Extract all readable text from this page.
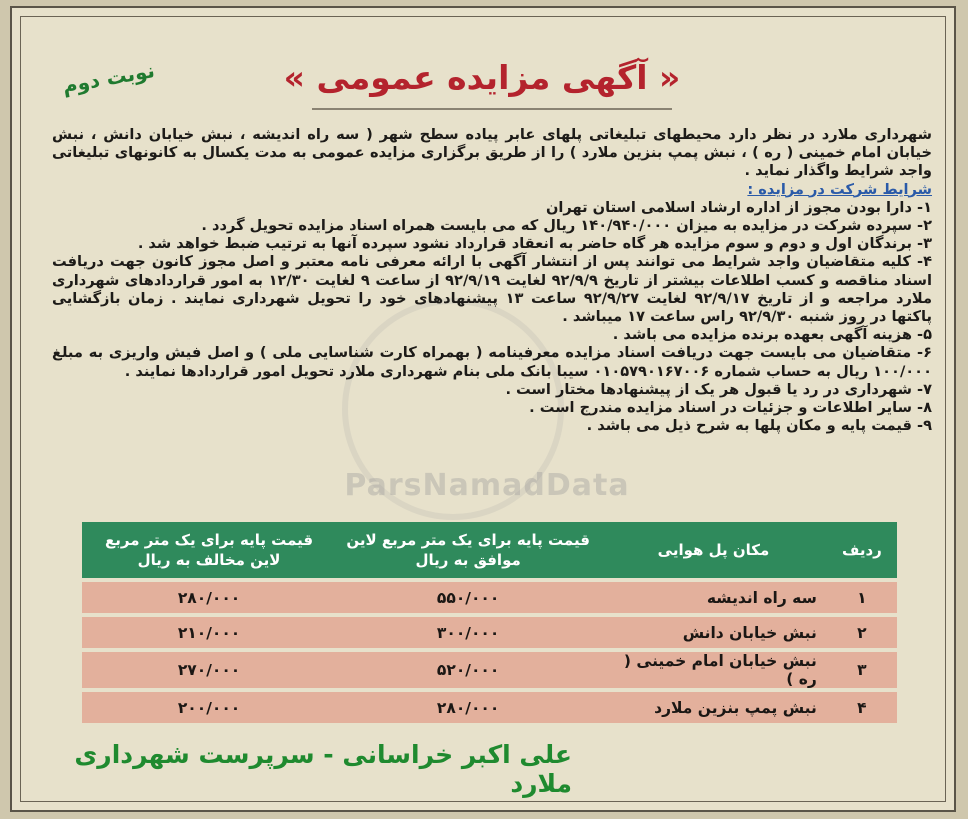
نوبت دوم	« آگهی مزایده عمومی »

شهرداری ملارد در نظر دارد محیطهای تبلیغاتی پلهای عابر پیاده سطح شهر ( سه راه اندیشه ، نبش خیابان دانش ، نبش خیابان امام خمینی ( ره ) ، نبش پمپ بنزین ملارد ) را از طریق برگزاری مزایده عمومی به مدت یکسال به کانونهای تبلیغاتی واجد شرایط واگذار نماید .

شرایط شرکت در مزایده :

۱- دارا بودن مجوز از اداره ارشاد اسلامی استان تهران
۲- سپرده شرکت در مزایده به میزان ۱۴۰/۹۴۰/۰۰۰ ریال که می بایست همراه اسناد مزایده تحویل گردد .
۳- برندگان اول و دوم و سوم مزایده هر گاه حاضر به انعقاد قرارداد نشود سپرده آنها به ترتیب ضبط خواهد شد .
۴- کلیه متقاضیان واجد شرایط می توانند پس از انتشار آگهی با ارائه معرفی نامه معتبر و اصل مجوز کانون جهت دریافت اسناد مناقصه و کسب اطلاعات بیشتر از تاریخ ۹۲/۹/۹ لغایت ۹۲/۹/۱۹ از ساعت ۹ لغایت ۱۲/۳۰ به امور قراردادهای شهرداری ملارد مراجعه و از تاریخ ۹۲/۹/۱۷ لغایت ۹۲/۹/۲۷ ساعت ۱۳ پیشنهادهای خود را تحویل شهرداری نمایند . زمان بازگشایی پاکتها در روز شنبه ۹۲/۹/۳۰ راس ساعت ۱۷ میباشد .
۵- هزینه آگهی بعهده برنده مزایده می باشد .
۶- متقاضیان می بایست جهت دریافت اسناد مزایده معرفینامه ( بهمراه کارت شناسایی ملی ) و اصل فیش واریزی به مبلغ ۱۰۰/۰۰۰ ریال به حساب شماره ۰۱۰۵۷۹۰۱۶۷۰۰۶ سیبا بانک ملی بنام شهرداری ملارد تحویل امور قراردادها نمایند .
۷- شهرداری در رد یا قبول هر یک از پیشنهادها مختار است .
۸- سایر اطلاعات و جزئیات در اسناد مزایده مندرج است .
۹- قیمت پایه و مکان پلها به شرح ذیل می باشد .
ParsNamadData
ردیف	مکان پل هوایی	قیمت پایه برای یک متر مربع لاین موافق به ریال	قیمت پایه برای یک متر مربع لاین مخالف به ریال
۱	سه راه اندیشه	۵۵۰/۰۰۰	۲۸۰/۰۰۰
۲	نبش خیابان دانش	۳۰۰/۰۰۰	۲۱۰/۰۰۰
۳	نبش خیابان امام خمینی ( ره )	۵۲۰/۰۰۰	۲۷۰/۰۰۰
۴	نبش پمپ بنزین ملارد	۲۸۰/۰۰۰	۲۰۰/۰۰۰
علی اکبر خراسانی - سرپرست شهرداری ملارد
